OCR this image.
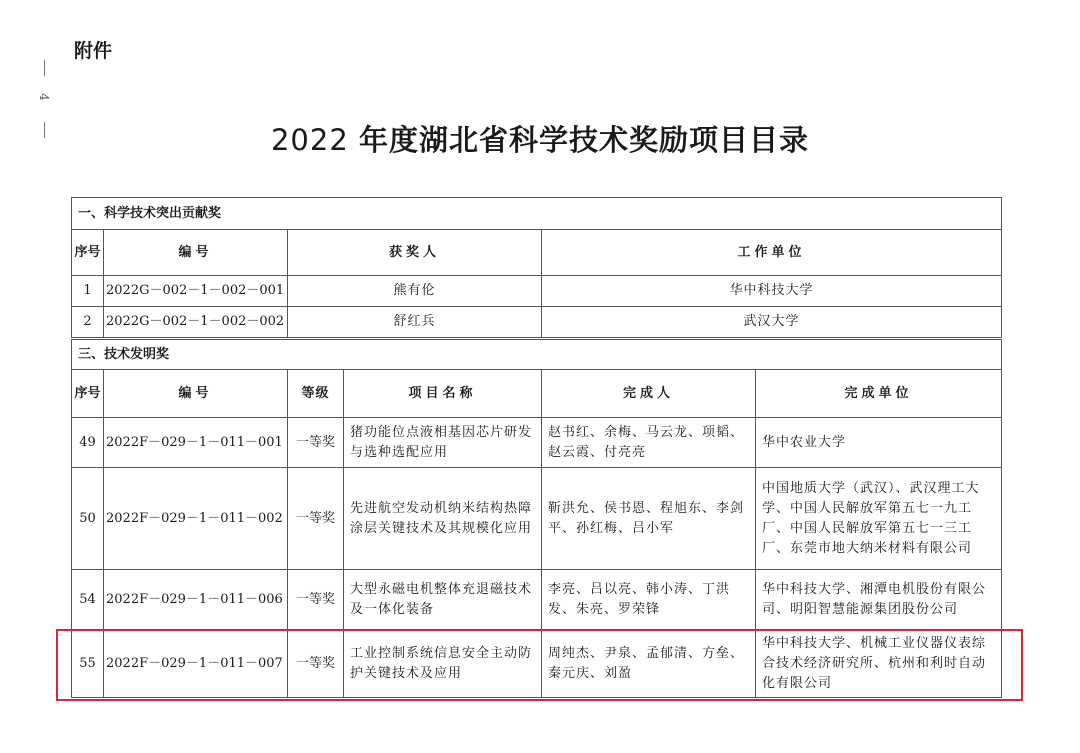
附件
4
2022 年度湖北省科学技术奖励项目目录
一、科学技术突出贡献奖			
序号	编号	获奖人	工作单位
1	2022G－002－1－002－001	熊有伦	华中科技大学
2	2022G－002－1－002－002	舒红兵	武汉大学
三、技术发明奖					
序号	编号	等级	项目名称	完成人	完成单位
49	2022F－029－1－011－001	一等奖	猪功能位点液相基因芯片研发与选种选配应用	赵书红、余梅、马云龙、项韬、赵云霞、付亮亮	华中农业大学
50	2022F－029－1－011－002	一等奖	先进航空发动机纳米结构热障涂层关键技术及其规模化应用	靳洪允、侯书恩、程旭东、李剑平、孙红梅、吕小军	中国地质大学（武汉）、武汉理工大学、中国人民解放军第五七一九工厂、中国人民解放军第五七一三工厂、东莞市地大纳米材料有限公司
54	2022F－029－1－011－006	一等奖	大型永磁电机整体充退磁技术及一体化装备	李亮、吕以亮、韩小涛、丁洪发、朱亮、罗荣锋	华中科技大学、湘潭电机股份有限公司、明阳智慧能源集团股份公司
55	2022F－029－1－011－007	一等奖	工业控制系统信息安全主动防护关键技术及应用	周纯杰、尹泉、孟郁清、方垒、秦元庆、刘盈	华中科技大学、机械工业仪器仪表综合技术经济研究所、杭州和利时自动化有限公司
